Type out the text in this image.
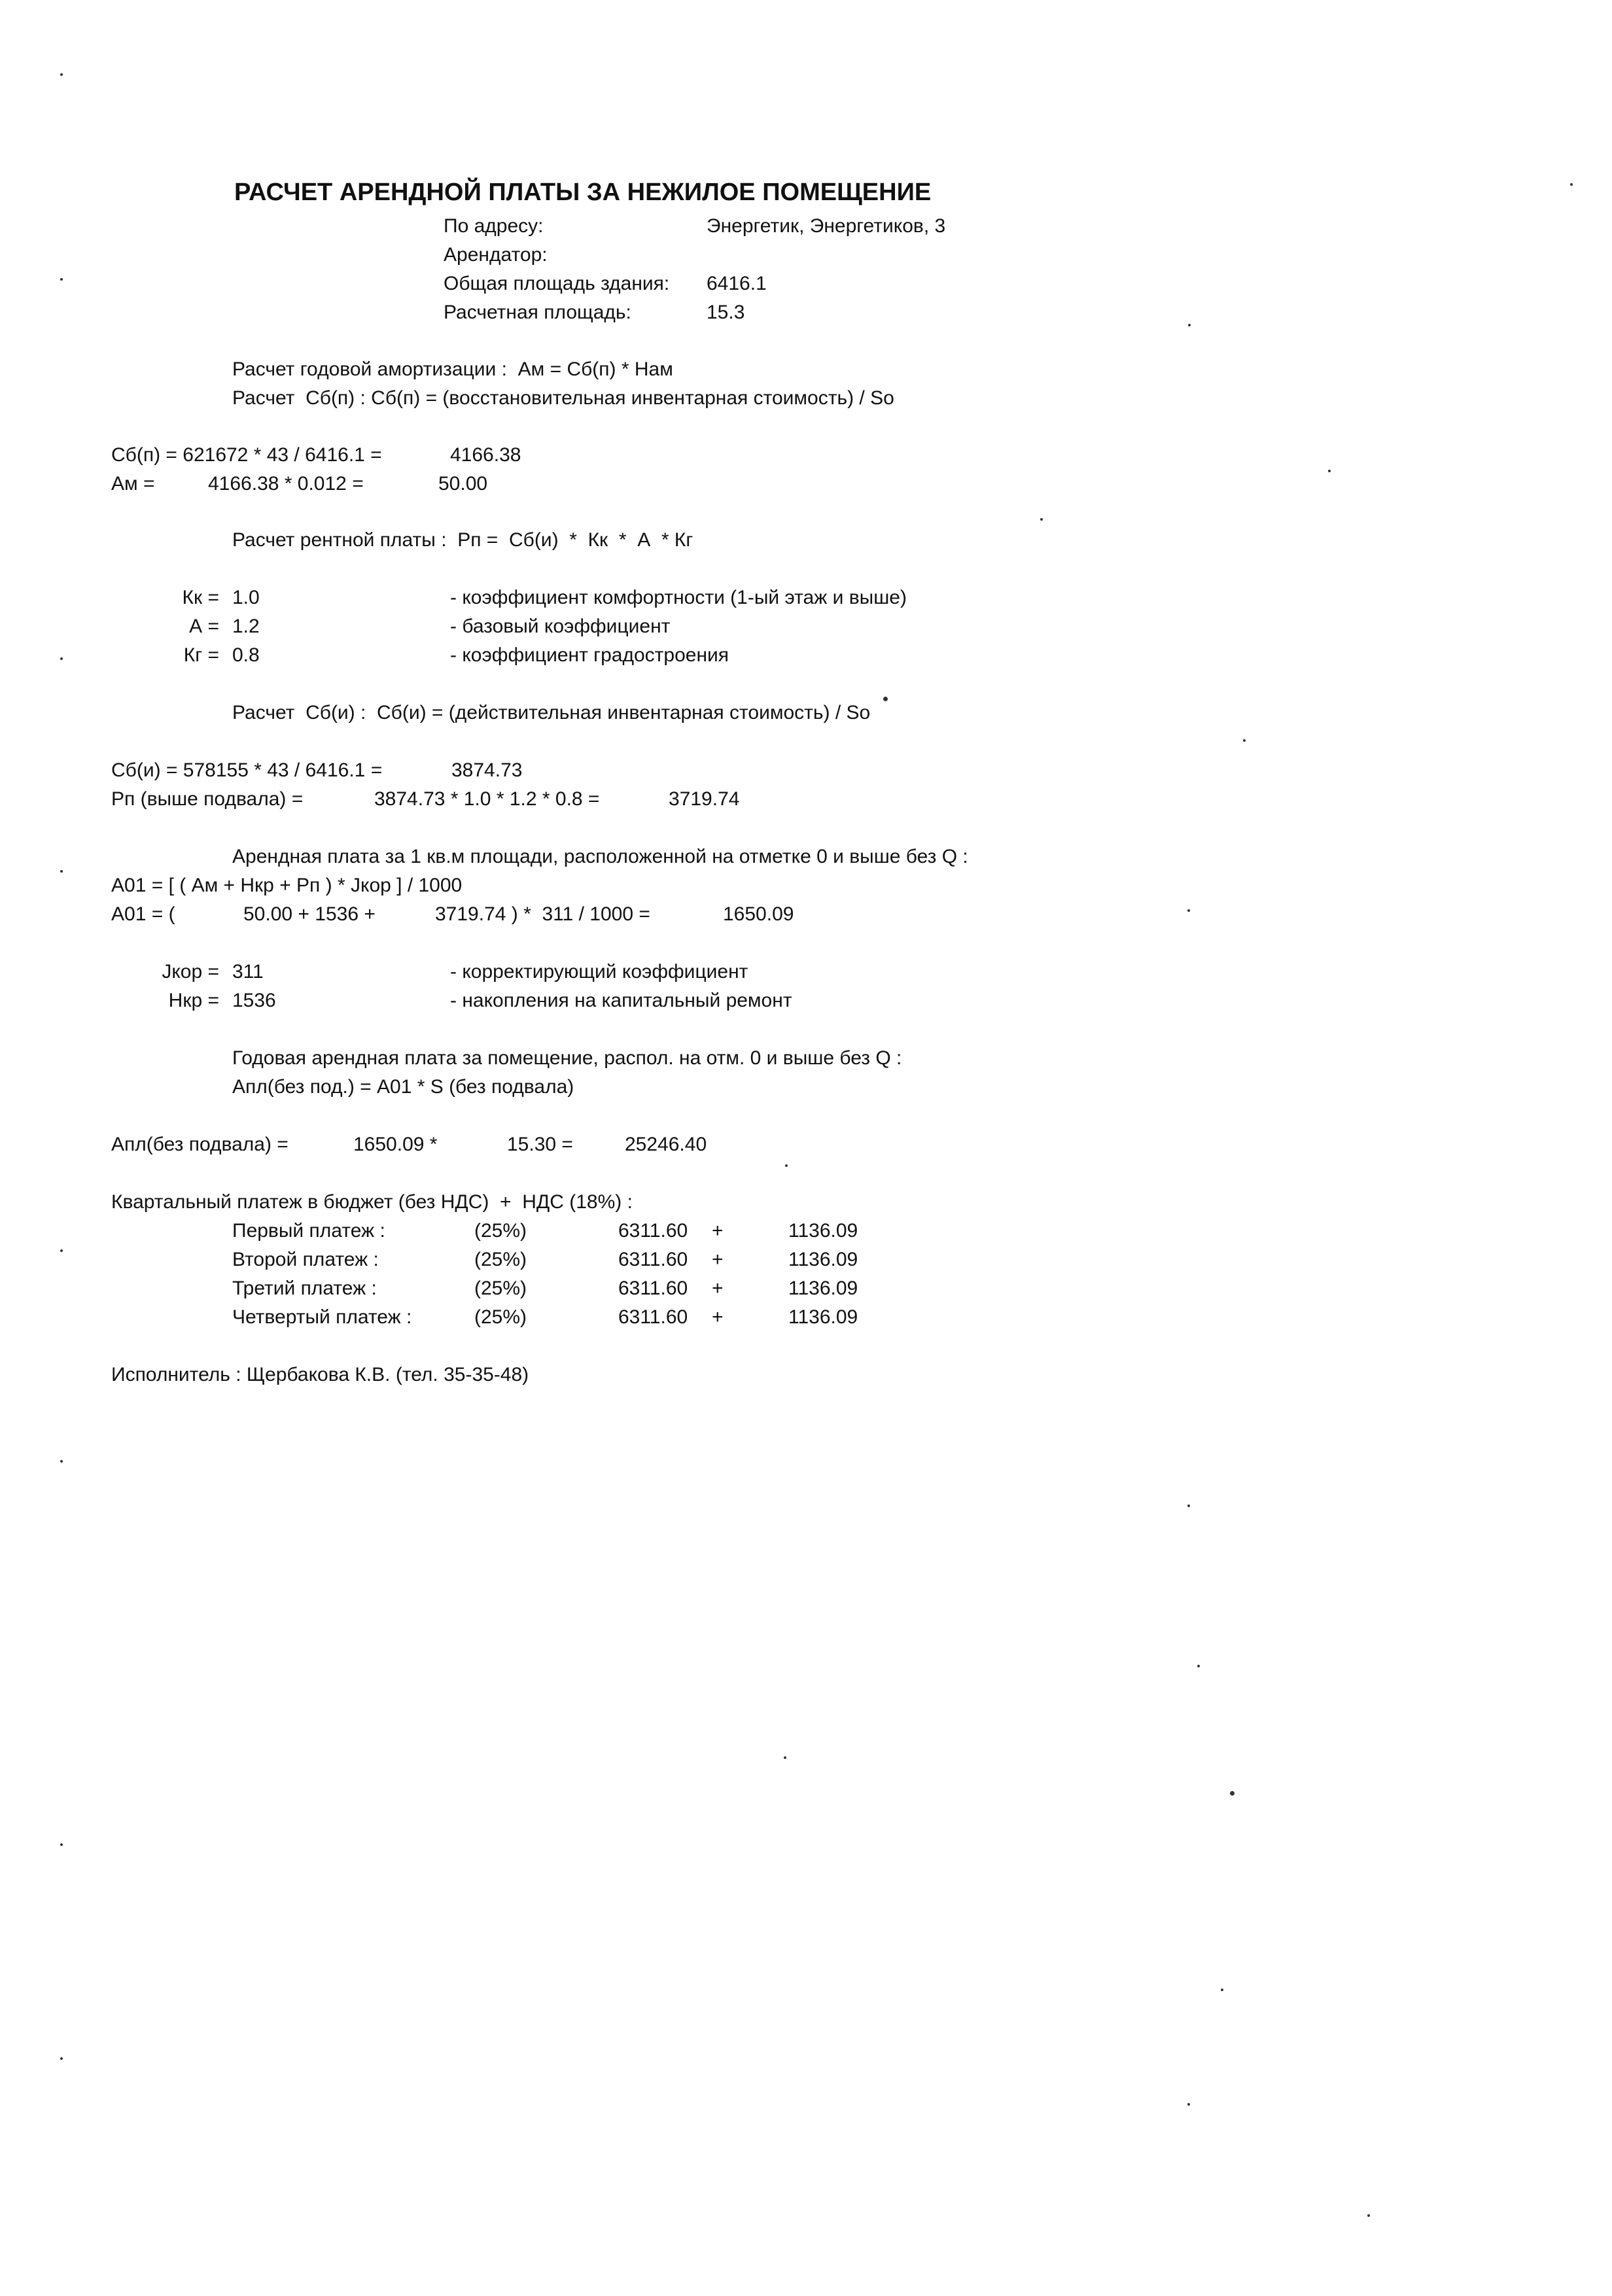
РАСЧЕТ АРЕНДНОЙ ПЛАТЫ ЗА НЕЖИЛОЕ ПОМЕЩЕНИЕ
По адресу:	Энергетик, Энергетиков, 3
Арендатор:
Общая площадь здания: 6416.1
Расчетная площадь:	15.3
Расчет годовой амортизации :  Ам = Сб(п) * Нам
Расчет  Сб(п) : Сб(п) = (восстановительная инвентарная стоимость) / So
Сб(п) = 621672 * 43 / 6416.1 =	4166.38
Ам =	4166.38 * 0.012 =	50.00
Расчет рентной платы :  Рп =  Сб(и)  *  Кк  *  А  * Кг
Кк = 1.0	- коэффициент комфортности (1-ый этаж и выше)
А = 1.2	- базовый коэффициент
Кг = 0.8	- коэффициент градостроения
Расчет  Сб(и) :  Сб(и) = (действительная инвентарная стоимость) / So
Сб(и) = 578155 * 43 / 6416.1 =	3874.73
Рп (выше подвала) =	3874.73 * 1.0 * 1.2 * 0.8 =	3719.74
Арендная плата за 1 кв.м площади, расположенной на отметке 0 и выше без Q :
А01 = [ ( Ам + Нкр + Рп ) * Jкор ] / 1000
А01 = (	50.00 + 1536 +	3719.74 ) *  311 / 1000 =	1650.09
Jкор = 311	- корректирующий коэффициент
Нкр = 1536	- накопления на капитальный ремонт
Годовая арендная плата за помещение, распол. на отм. 0 и выше без Q :
Апл(без под.) = А01 * S (без подвала)
Апл(без подвала) =	1650.09 *	15.30 =	25246.40
Квартальный платеж в бюджет (без НДС)  +  НДС (18%) :
Первый платеж :	(25%)	6311.60 +	1136.09
Второй платеж :	(25%)	6311.60 +	1136.09
Третий платеж :	(25%)	6311.60 +	1136.09
Четвертый платеж :	(25%)	6311.60 +	1136.09
Исполнитель : Щербакова К.В. (тел. 35-35-48)
